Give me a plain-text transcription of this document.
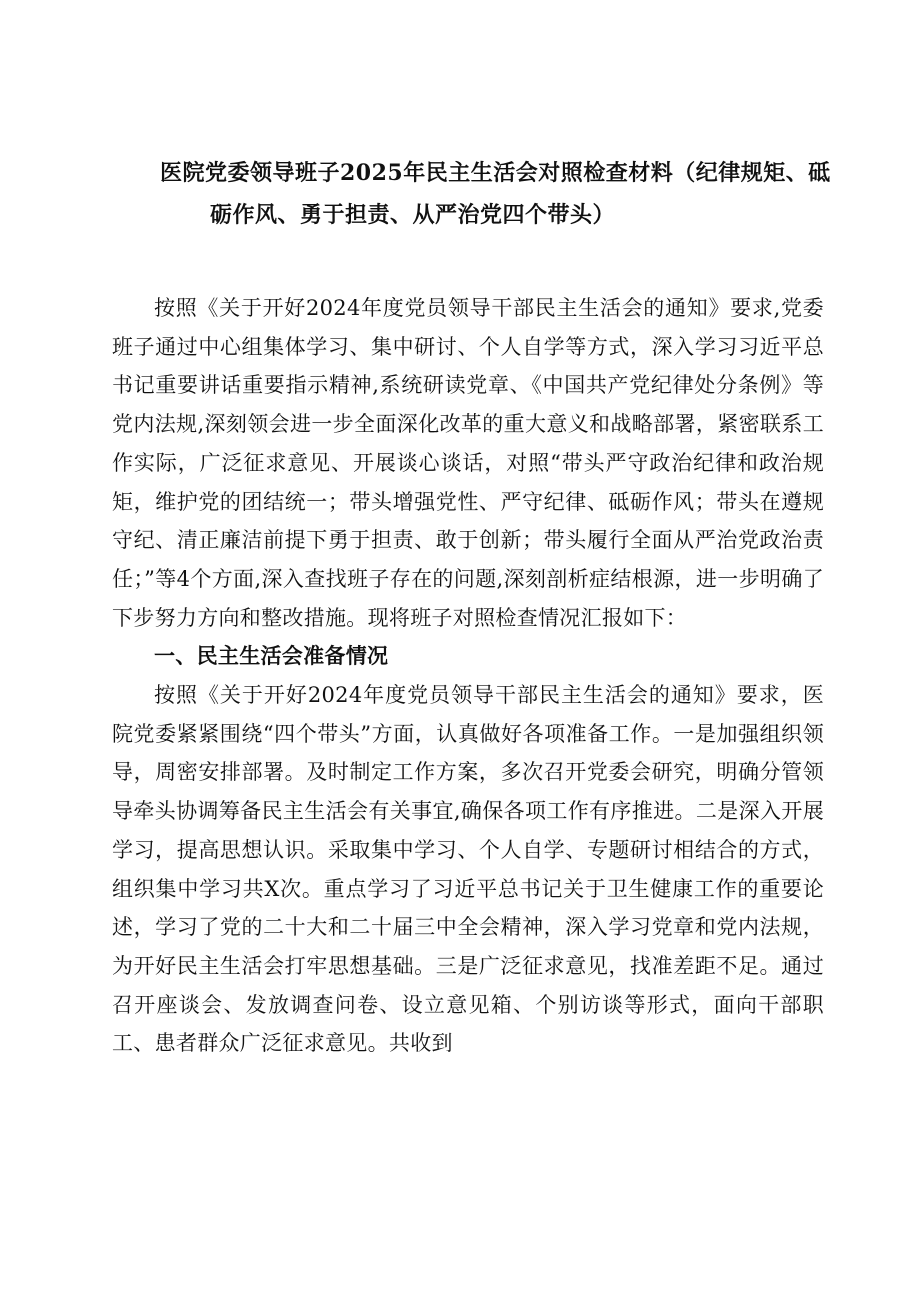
医院党委领导班子2025年民主生活会对照检查材料（纪律规矩、砥
砺作风、勇于担责、从严治党四个带头）

按照《关于开好2024年度党员领导干部民主生活会的通知》要求,党委班子通过中心组集体学习、集中研讨、个人自学等方式，深入学习习近平总书记重要讲话重要指示精神,系统研读党章、《中国共产党纪律处分条例》等党内法规,深刻领会进一步全面深化改革的重大意义和战略部署，紧密联系工作实际，广泛征求意见、开展谈心谈话，对照“带头严守政治纪律和政治规矩，维护党的团结统一；带头增强党性、严守纪律、砥砺作风；带头在遵规守纪、清正廉洁前提下勇于担责、敢于创新；带头履行全面从严治党政治责任；”等4个方面,深入查找班子存在的问题,深刻剖析症结根源，进一步明确了下步努力方向和整改措施。现将班子对照检查情况汇报如下：

一、民主生活会准备情况

按照《关于开好2024年度党员领导干部民主生活会的通知》要求，医院党委紧紧围绕“四个带头”方面，认真做好各项准备工作。一是加强组织领导，周密安排部署。及时制定工作方案，多次召开党委会研究，明确分管领导牵头协调筹备民主生活会有关事宜,确保各项工作有序推进。二是深入开展学习，提高思想认识。采取集中学习、个人自学、专题研讨相结合的方式，组织集中学习共X次。重点学习了习近平总书记关于卫生健康工作的重要论述，学习了党的二十大和二十届三中全会精神，深入学习党章和党内法规，为开好民主生活会打牢思想基础。三是广泛征求意见，找准差距不足。通过召开座谈会、发放调查问卷、设立意见箱、个别访谈等形式，面向干部职工、患者群众广泛征求意见。共收到
